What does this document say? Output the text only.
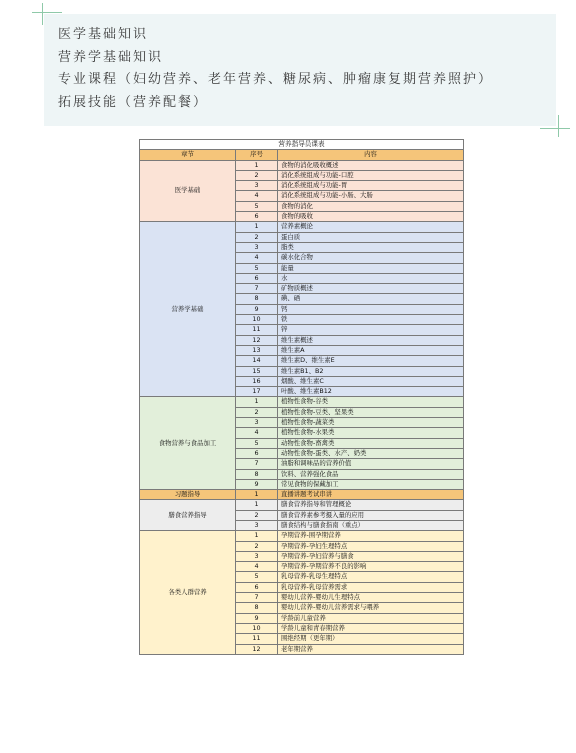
医学基础知识
营养学基础知识
专业课程（妇幼营养、老年营养、糖尿病、肿瘤康复期营养照护）
拓展技能（营养配餐）
营养指导员课表		
章节	序号	内容
医学基础	1	食物的消化吸收概述
	2	消化系统组成与功能-口腔
	3	消化系统组成与功能-胃
	4	消化系统组成与功能-小肠、大肠
	5	食物的消化
	6	食物的吸收
营养学基础	1	营养素概论
	2	蛋白质
	3	脂类
	4	碳水化合物
	5	能量
	6	水
	7	矿物质概述
	8	碘、硒
	9	钙
	10	铁
	11	锌
	12	维生素概述
	13	维生素A
	14	维生素D、维生素E
	15	维生素B1、B2
	16	烟酸、维生素C
	17	叶酸、维生素B12
食物营养与食品加工	1	植物性食物-谷类
	2	植物性食物-豆类、坚果类
	3	植物性食物-蔬菜类
	4	植物性食物-水果类
	5	动物性食物-畜禽类
	6	动物性食物-蛋类、水产、奶类
	7	油脂和调味品的营养价值
	8	饮料、营养强化食品
	9	常见食物的保藏加工
习题指导	1	直播讲题考试串讲
膳食营养指导	1	膳食营养指导和管理概论
	2	膳食营养素参考摄入量的应用
	3	膳食结构与膳食指南（重点）
各类人群营养	1	孕期营养-围孕期营养
	2	孕期营养-孕妇生理特点
	3	孕期营养-孕妇营养与膳食
	4	孕期营养-孕期营养不良的影响
	5	乳母营养-乳母生理特点
	6	乳母营养-乳母营养需求
	7	婴幼儿营养-婴幼儿生理特点
	8	婴幼儿营养-婴幼儿营养需求与喂养
	9	学龄前儿童营养
	10	学龄儿童和青春期营养
	11	围绝经期（更年期）
	12	老年期营养
